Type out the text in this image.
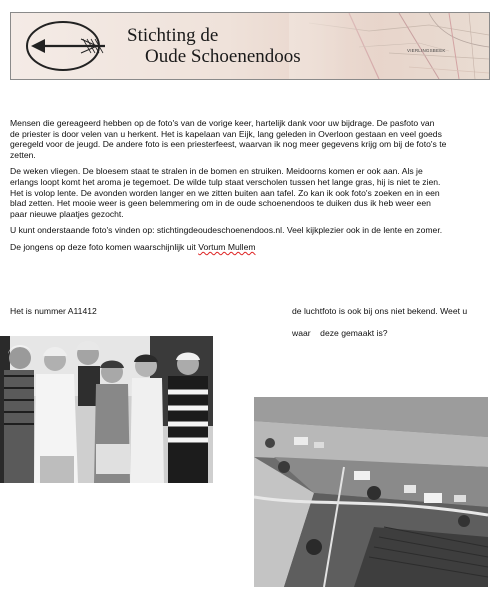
VIERLINGSBEEK
Stichting de
Oude Schoenendoos

Mensen die gereageerd hebben op de foto's van de vorige keer, hartelijk dank voor uw bijdrage. De pasfoto van
de priester is door velen van u herkent. Het is kapelaan van Eijk, lang geleden in Overloon gestaan en veel goeds
geregeld voor de jeugd. De andere foto is een priesterfeest, waarvan ik nog meer gegevens krijg om bij de foto's te
zetten.

De weken vliegen. De bloesem staat te stralen in de bomen en struiken. Meidoorns komen er ook aan. Als je
erlangs loopt komt het aroma je tegemoet. De wilde tulp staat verscholen tussen het lange gras, hij is niet te zien.
Het is volop lente. De avonden worden langer en we zitten buiten aan tafel. Zo kan ik ook foto's zoeken en in een
blad zetten. Het mooie weer is geen belemmering om in de oude schoenendoos te duiken dus ik heb weer een
paar nieuwe plaatjes gezocht.

U kunt onderstaande foto's vinden op: stichtingdeoudeschoenendoos.nl. Veel kijkplezier ook in de lente en zomer.

De jongens op deze foto komen waarschijnlijk uit Vortum Mullem

Het is nummer A11412	de luchtfoto is ook bij ons niet bekend. Weet u
waar    deze gemaakt is?
